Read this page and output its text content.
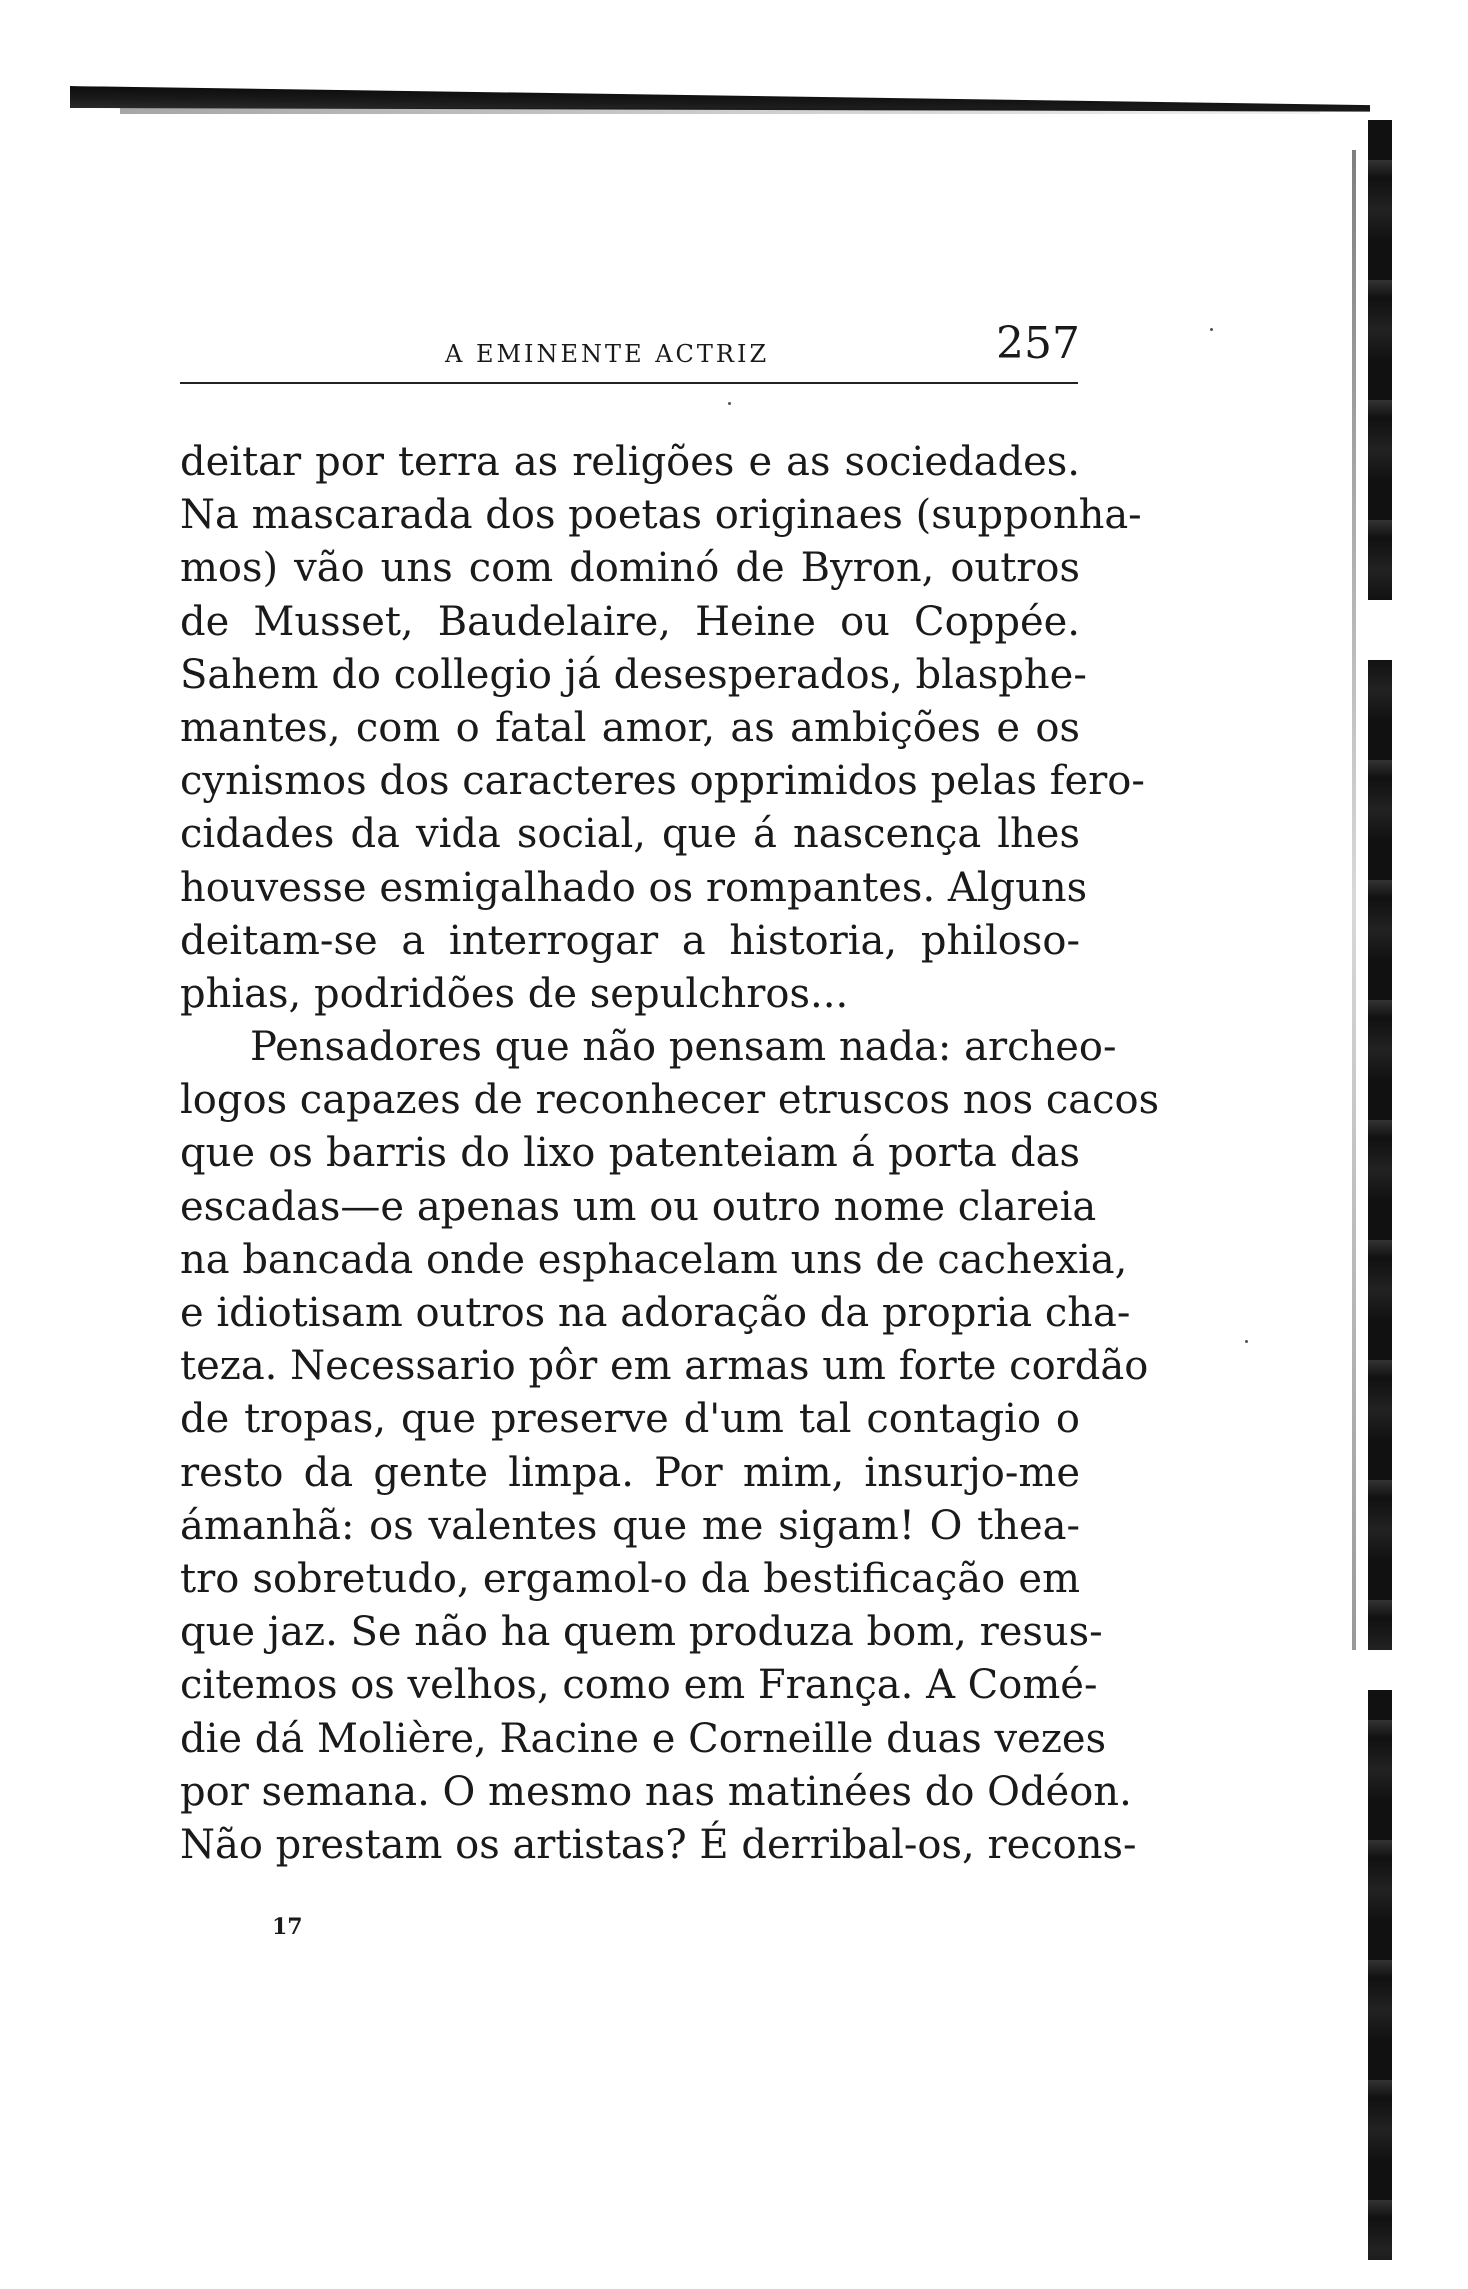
A EMINENTE ACTRIZ	257
deitar por terra as religões e as sociedades.
Na mascarada dos poetas originaes (supponha-
mos) vão uns com dominó de Byron, outros
de Musset, Baudelaire, Heine ou Coppée.
Sahem do collegio já desesperados, blasphe-
mantes, com o fatal amor, as ambições e os
cynismos dos caracteres opprimidos pelas fero-
cidades da vida social, que á nascença lhes
houvesse esmigalhado os rompantes. Alguns
deitam-se a interrogar a historia, philoso-
phias, podridões de sepulchros...
Pensadores que não pensam nada: archeo-
logos capazes de reconhecer etruscos nos cacos
que os barris do lixo patenteiam á porta das
escadas—e apenas um ou outro nome clareia
na bancada onde esphacelam uns de cachexia,
e idiotisam outros na adoração da propria cha-
teza. Necessario pôr em armas um forte cordão
de tropas, que preserve d'um tal contagio o
resto da gente limpa. Por mim, insurjo-me
ámanhã: os valentes que me sigam! O thea-
tro sobretudo, ergamol-o da bestificação em
que jaz. Se não ha quem produza bom, resus-
citemos os velhos, como em França. A Comé-
die dá Molière, Racine e Corneille duas vezes
por semana. O mesmo nas matinées do Odéon.
Não prestam os artistas? É derribal-os, recons-
17
